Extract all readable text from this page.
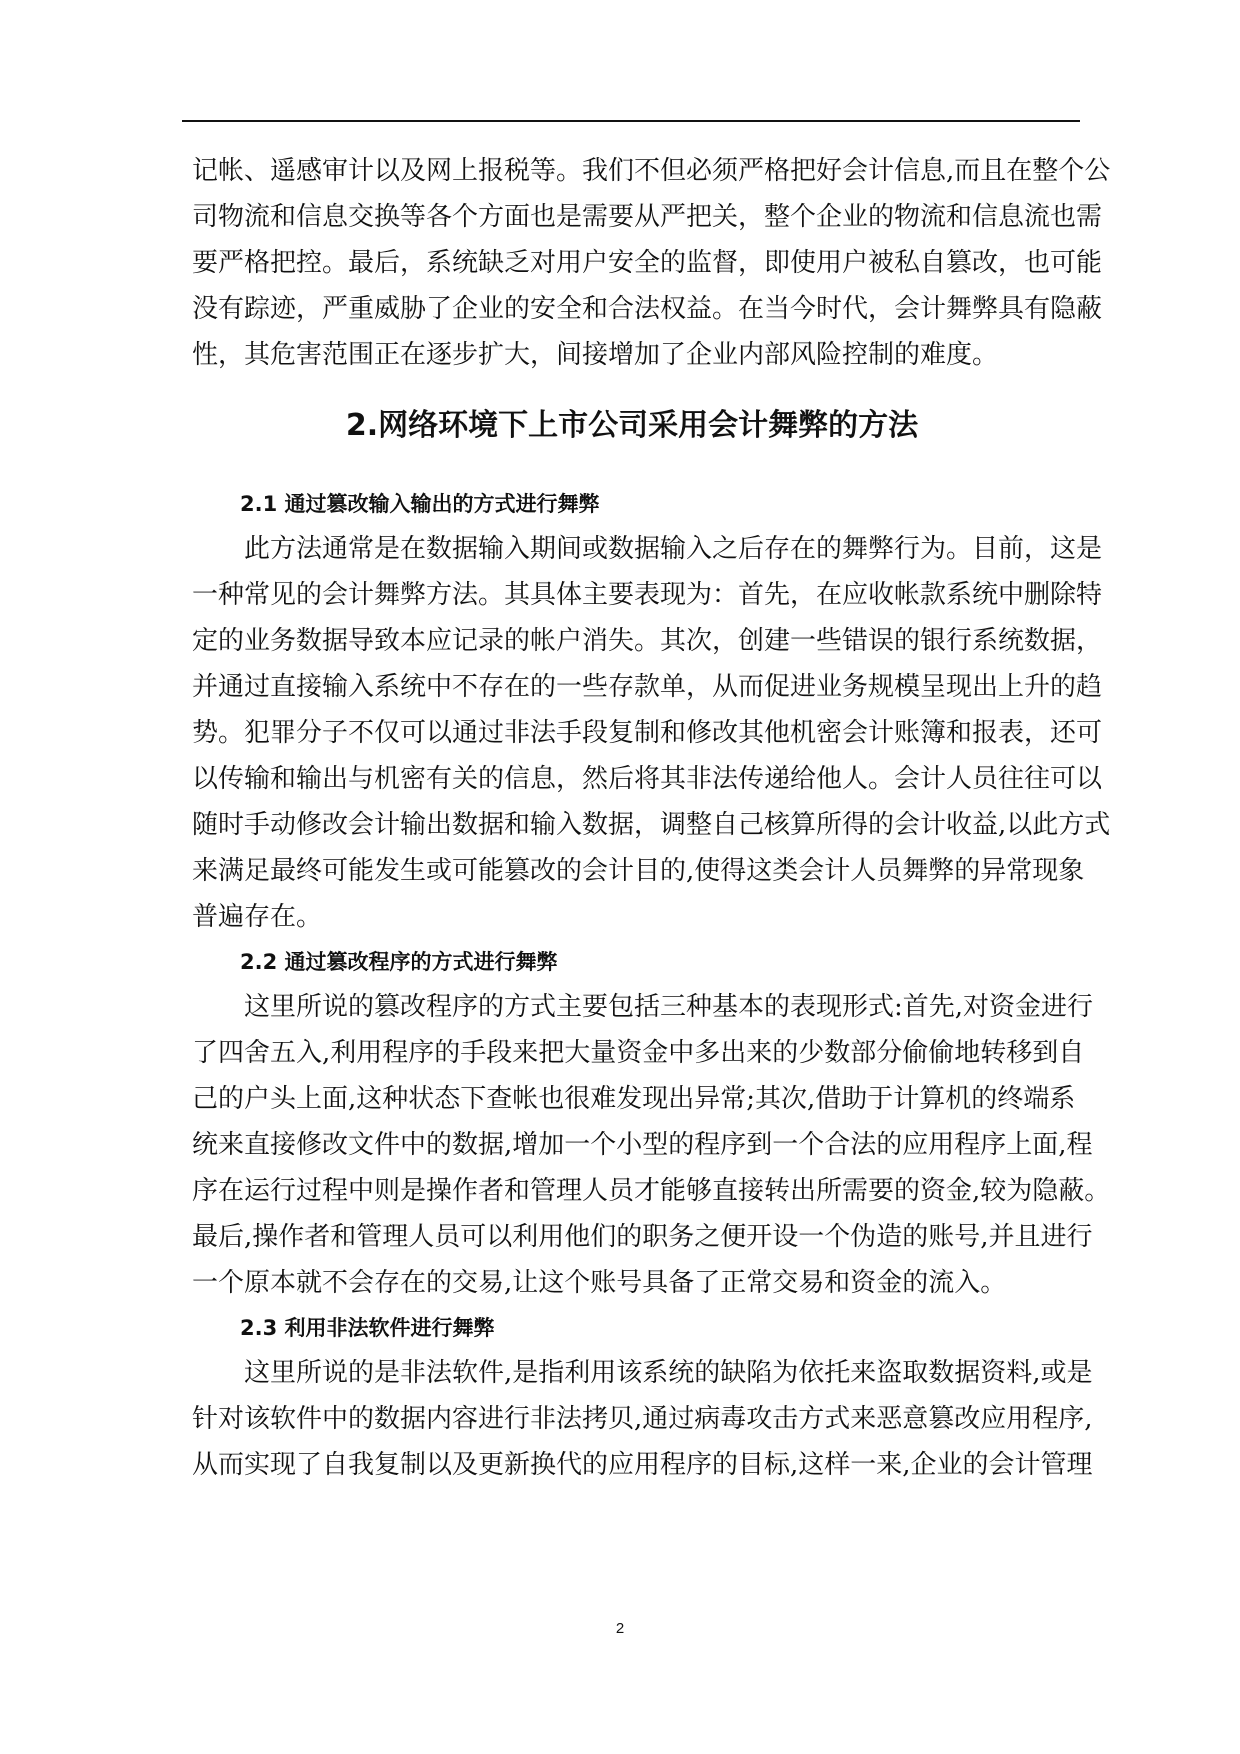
记帐、遥感审计以及网上报税等。我们不但必须严格把好会计信息,而且在整个公
司物流和信息交换等各个方面也是需要从严把关，整个企业的物流和信息流也需
要严格把控。最后，系统缺乏对用户安全的监督，即使用户被私自篡改，也可能
没有踪迹，严重威胁了企业的安全和合法权益。在当今时代，会计舞弊具有隐蔽
性，其危害范围正在逐步扩大，间接增加了企业内部风险控制的难度。
2.网络环境下上市公司采用会计舞弊的方法
2.1 通过篡改输入输出的方式进行舞弊
此方法通常是在数据输入期间或数据输入之后存在的舞弊行为。目前，这是
一种常见的会计舞弊方法。其具体主要表现为：首先，在应收帐款系统中删除特
定的业务数据导致本应记录的帐户消失。其次，创建一些错误的银行系统数据，
并通过直接输入系统中不存在的一些存款单，从而促进业务规模呈现出上升的趋
势。犯罪分子不仅可以通过非法手段复制和修改其他机密会计账簿和报表，还可
以传输和输出与机密有关的信息，然后将其非法传递给他人。会计人员往往可以
随时手动修改会计输出数据和输入数据，调整自己核算所得的会计收益,以此方式
来满足最终可能发生或可能篡改的会计目的,使得这类会计人员舞弊的异常现象
普遍存在。
2.2 通过篡改程序的方式进行舞弊
这里所说的篡改程序的方式主要包括三种基本的表现形式:首先,对资金进行
了四舍五入,利用程序的手段来把大量资金中多出来的少数部分偷偷地转移到自
己的户头上面,这种状态下查帐也很难发现出异常;其次,借助于计算机的终端系
统来直接修改文件中的数据,增加一个小型的程序到一个合法的应用程序上面,程
序在运行过程中则是操作者和管理人员才能够直接转出所需要的资金,较为隐蔽。
最后,操作者和管理人员可以利用他们的职务之便开设一个伪造的账号,并且进行
一个原本就不会存在的交易,让这个账号具备了正常交易和资金的流入。
2.3 利用非法软件进行舞弊
这里所说的是非法软件,是指利用该系统的缺陷为依托来盗取数据资料,或是
针对该软件中的数据内容进行非法拷贝,通过病毒攻击方式来恶意篡改应用程序,
从而实现了自我复制以及更新换代的应用程序的目标,这样一来,企业的会计管理
2
